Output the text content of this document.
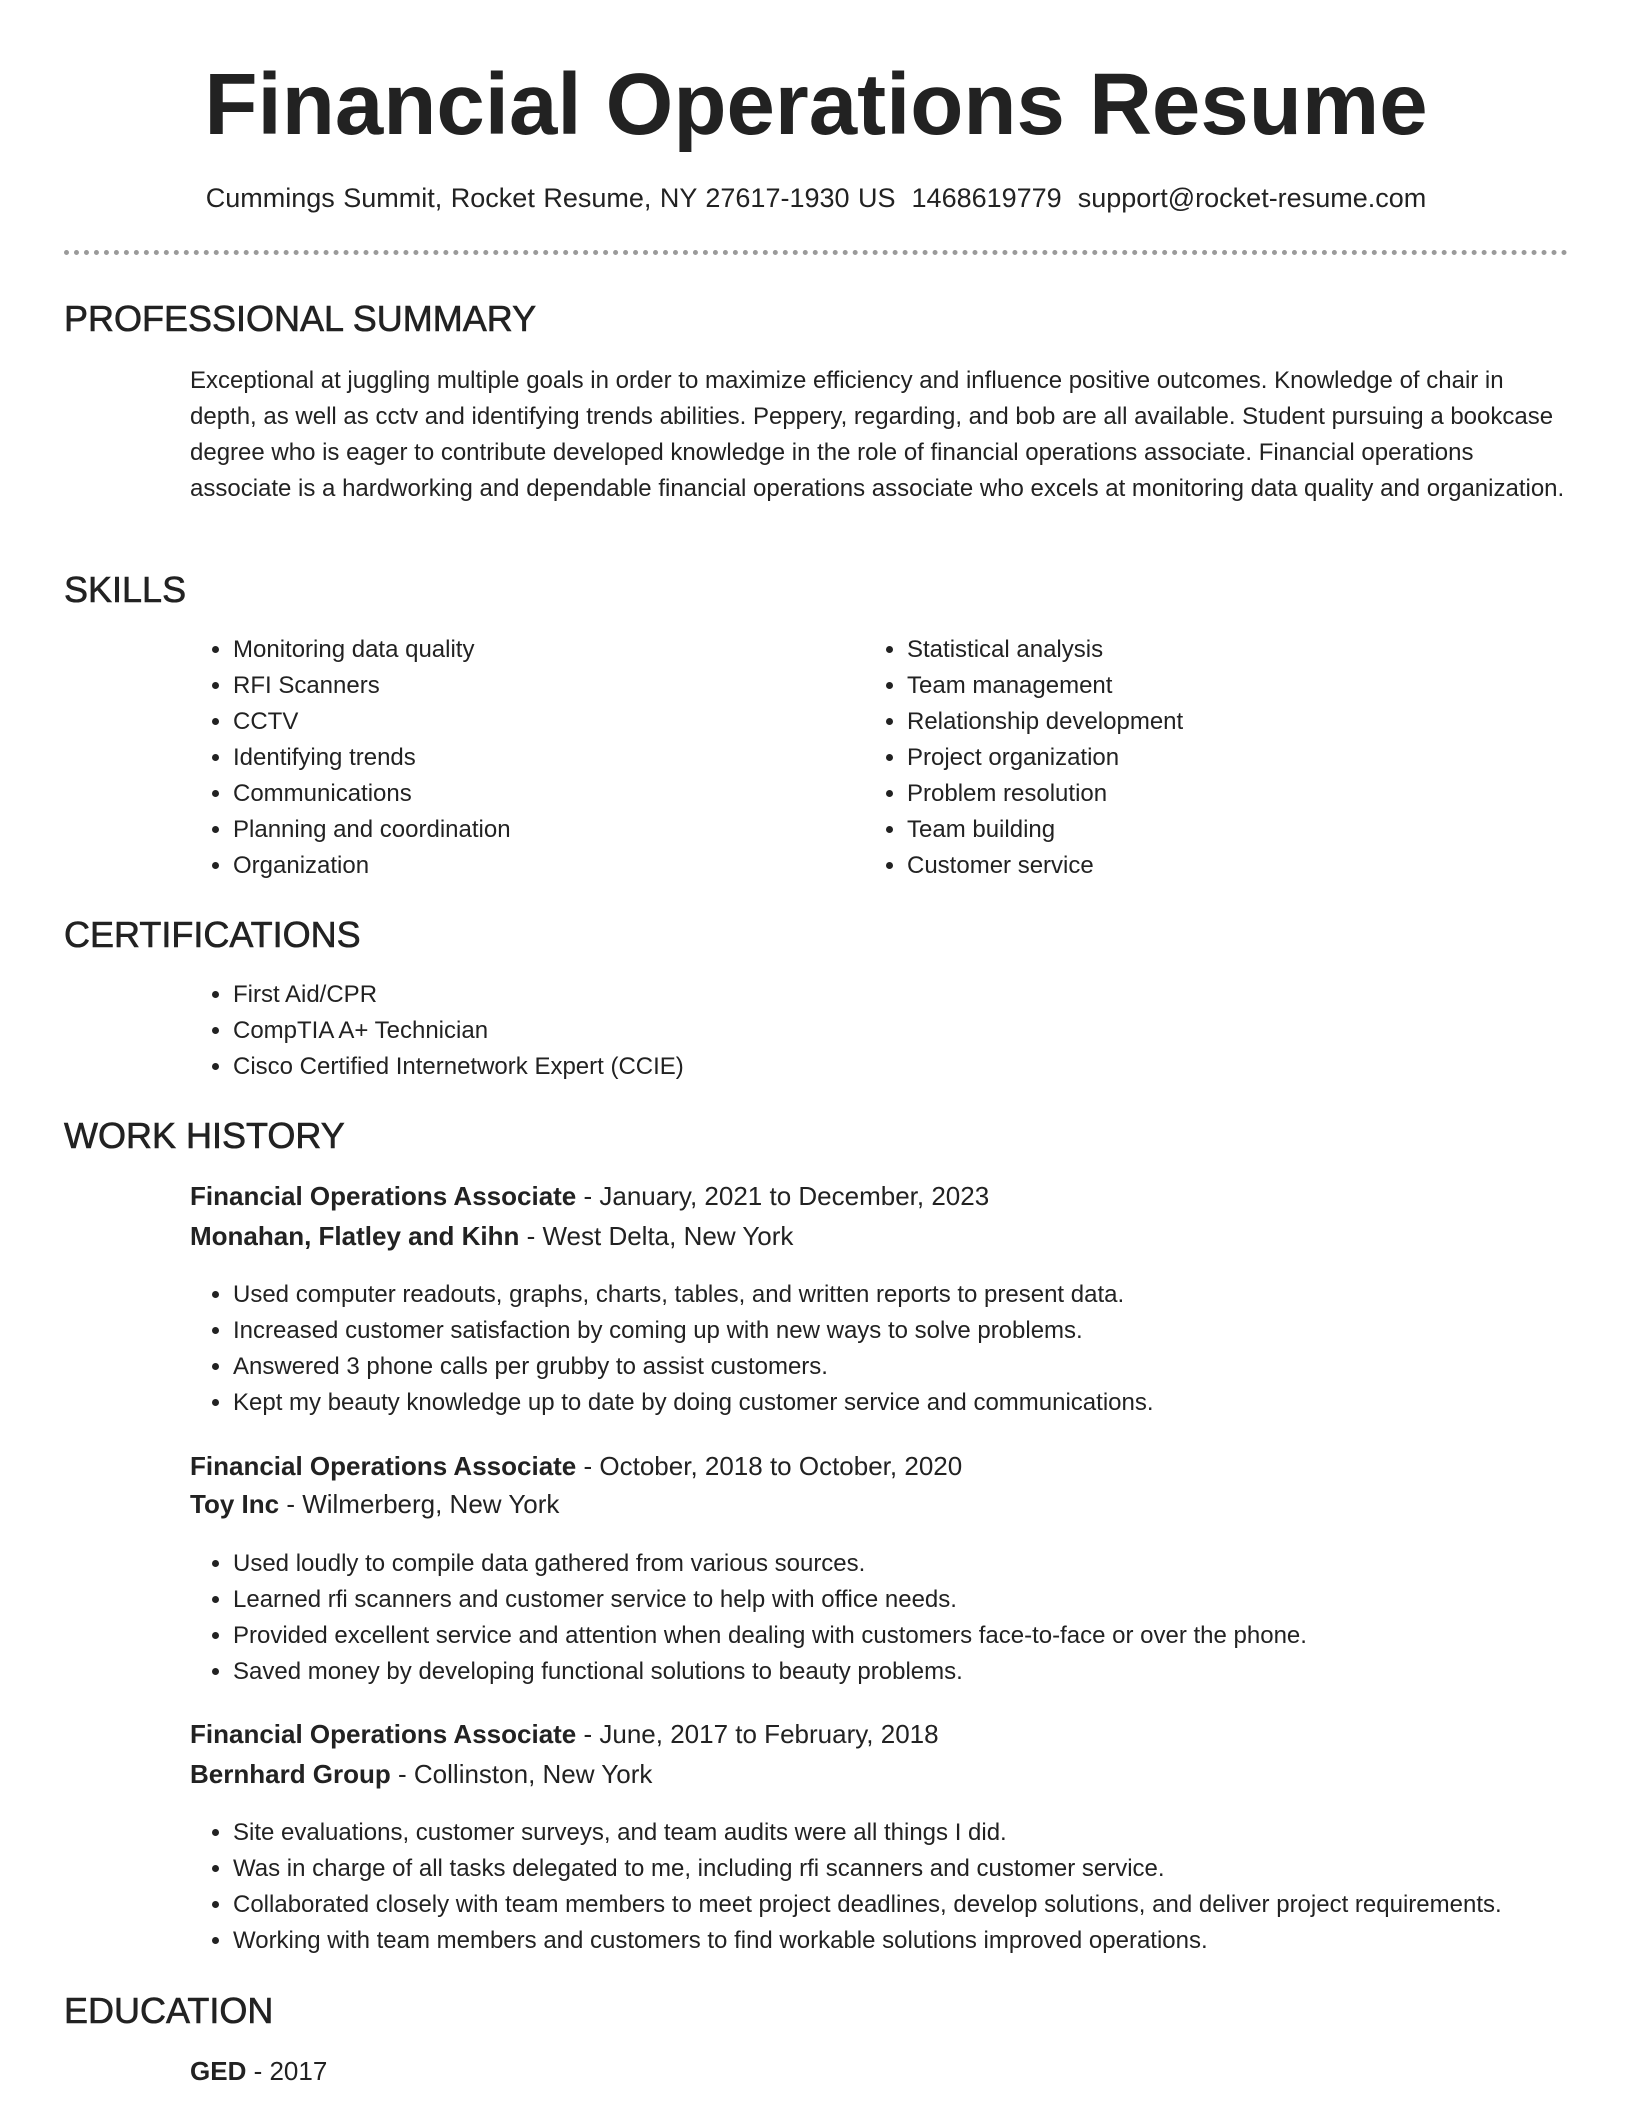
Financial Operations Resume
Cummings Summit, Rocket Resume, NY 27617-1930 US 1468619779 support@rocket-resume.com
PROFESSIONAL SUMMARY

Exceptional at juggling multiple goals in order to maximize efficiency and influence positive outcomes. Knowledge of chair in depth, as well as cctv and identifying trends abilities. Peppery, regarding, and bob are all available. Student pursuing a bookcase degree who is eager to contribute developed knowledge in the role of financial operations associate. Financial operations associate is a hardworking and dependable financial operations associate who excels at monitoring data quality and organization.

SKILLS
• Monitoring data quality
• RFI Scanners
• CCTV
• Identifying trends
• Communications
• Planning and coordination
• Organization
• Statistical analysis
• Team management
• Relationship development
• Project organization
• Problem resolution
• Team building
• Customer service
CERTIFICATIONS
• First Aid/CPR
• CompTIA A+ Technician
• Cisco Certified Internetwork Expert (CCIE)
WORK HISTORY
Financial Operations Associate - January, 2021 to December, 2023
Monahan, Flatley and Kihn - West Delta, New York
• Used computer readouts, graphs, charts, tables, and written reports to present data.
• Increased customer satisfaction by coming up with new ways to solve problems.
• Answered 3 phone calls per grubby to assist customers.
• Kept my beauty knowledge up to date by doing customer service and communications.
Financial Operations Associate - October, 2018 to October, 2020
Toy Inc - Wilmerberg, New York
• Used loudly to compile data gathered from various sources.
• Learned rfi scanners and customer service to help with office needs.
• Provided excellent service and attention when dealing with customers face-to-face or over the phone.
• Saved money by developing functional solutions to beauty problems.
Financial Operations Associate - June, 2017 to February, 2018
Bernhard Group - Collinston, New York
• Site evaluations, customer surveys, and team audits were all things I did.
• Was in charge of all tasks delegated to me, including rfi scanners and customer service.
• Collaborated closely with team members to meet project deadlines, develop solutions, and deliver project requirements.
• Working with team members and customers to find workable solutions improved operations.
EDUCATION
GED - 2017
